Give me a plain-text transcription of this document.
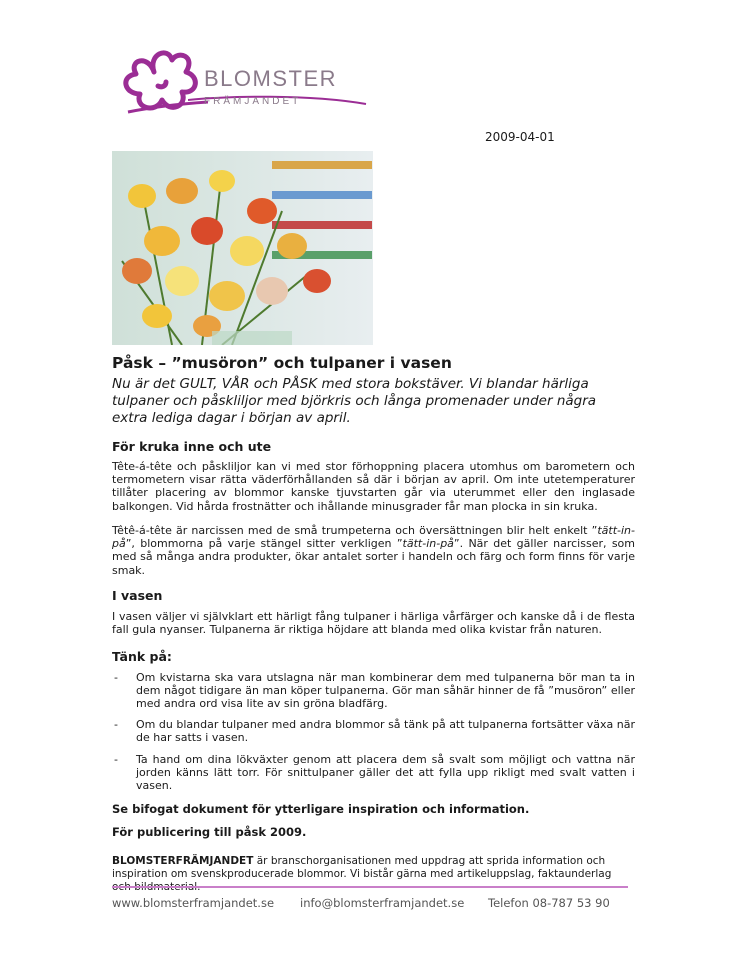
BLOMSTER
FRÄMJANDET
2009-04-01
Påsk – ”musöron” och tulpaner i vasen

Nu är det GULT, VÅR och PÅSK med stora bokstäver. Vi blandar härliga tulpaner och påskliljor med björkris och långa promenader under några extra lediga dagar i början av april.

För kruka inne och ute

Tête-á-tête och påskliljor kan vi med stor förhoppning placera utomhus om barometern och termometern visar rätta väderförhållanden så där i början av april. Om inte utetemperaturer tillåter placering av blommor kanske tjuvstarten går via uterummet eller den inglasade balkongen. Vid hårda frostnätter och ihållande minusgrader får man plocka in sin kruka.

Têtê-á-tête är narcissen med de små trumpeterna och översättningen blir helt enkelt ”tätt-in-på”, blommorna på varje stängel sitter verkligen ”tätt-in-på”. När det gäller narcisser, som med så många andra produkter, ökar antalet sorter i handeln och färg och form finns för varje smak.

I vasen

I vasen väljer vi självklart ett härligt fång tulpaner i härliga vårfärger och kanske då i de flesta fall gula nyanser. Tulpanerna är riktiga höjdare att blanda med olika kvistar från naturen.

Tänk på:
- Om kvistarna ska vara utslagna när man kombinerar dem med tulpanerna bör man ta in dem något tidigare än man köper tulpanerna. Gör man såhär hinner de få ”musöron” eller med andra ord visa lite av sin gröna bladfärg.
- Om du blandar tulpaner med andra blommor så tänk på att tulpanerna fortsätter växa när de har satts i vasen.
- Ta hand om dina lökväxter genom att placera dem så svalt som möjligt och vattna när jorden känns lätt torr. För snittulpaner gäller det att fylla upp rikligt med svalt vatten i vasen.

Se bifogat dokument för ytterligare inspiration och information.

För publicering till påsk 2009.

BLOMSTERFRÄMJANDET är branschorganisationen med uppdrag att sprida information och inspiration om svenskproducerade blommor. Vi bistår gärna med artikeluppslag, faktaunderlag
www.blomsterframjandet.se info@blomsterframjandet.se Telefon 08-787 53 90
